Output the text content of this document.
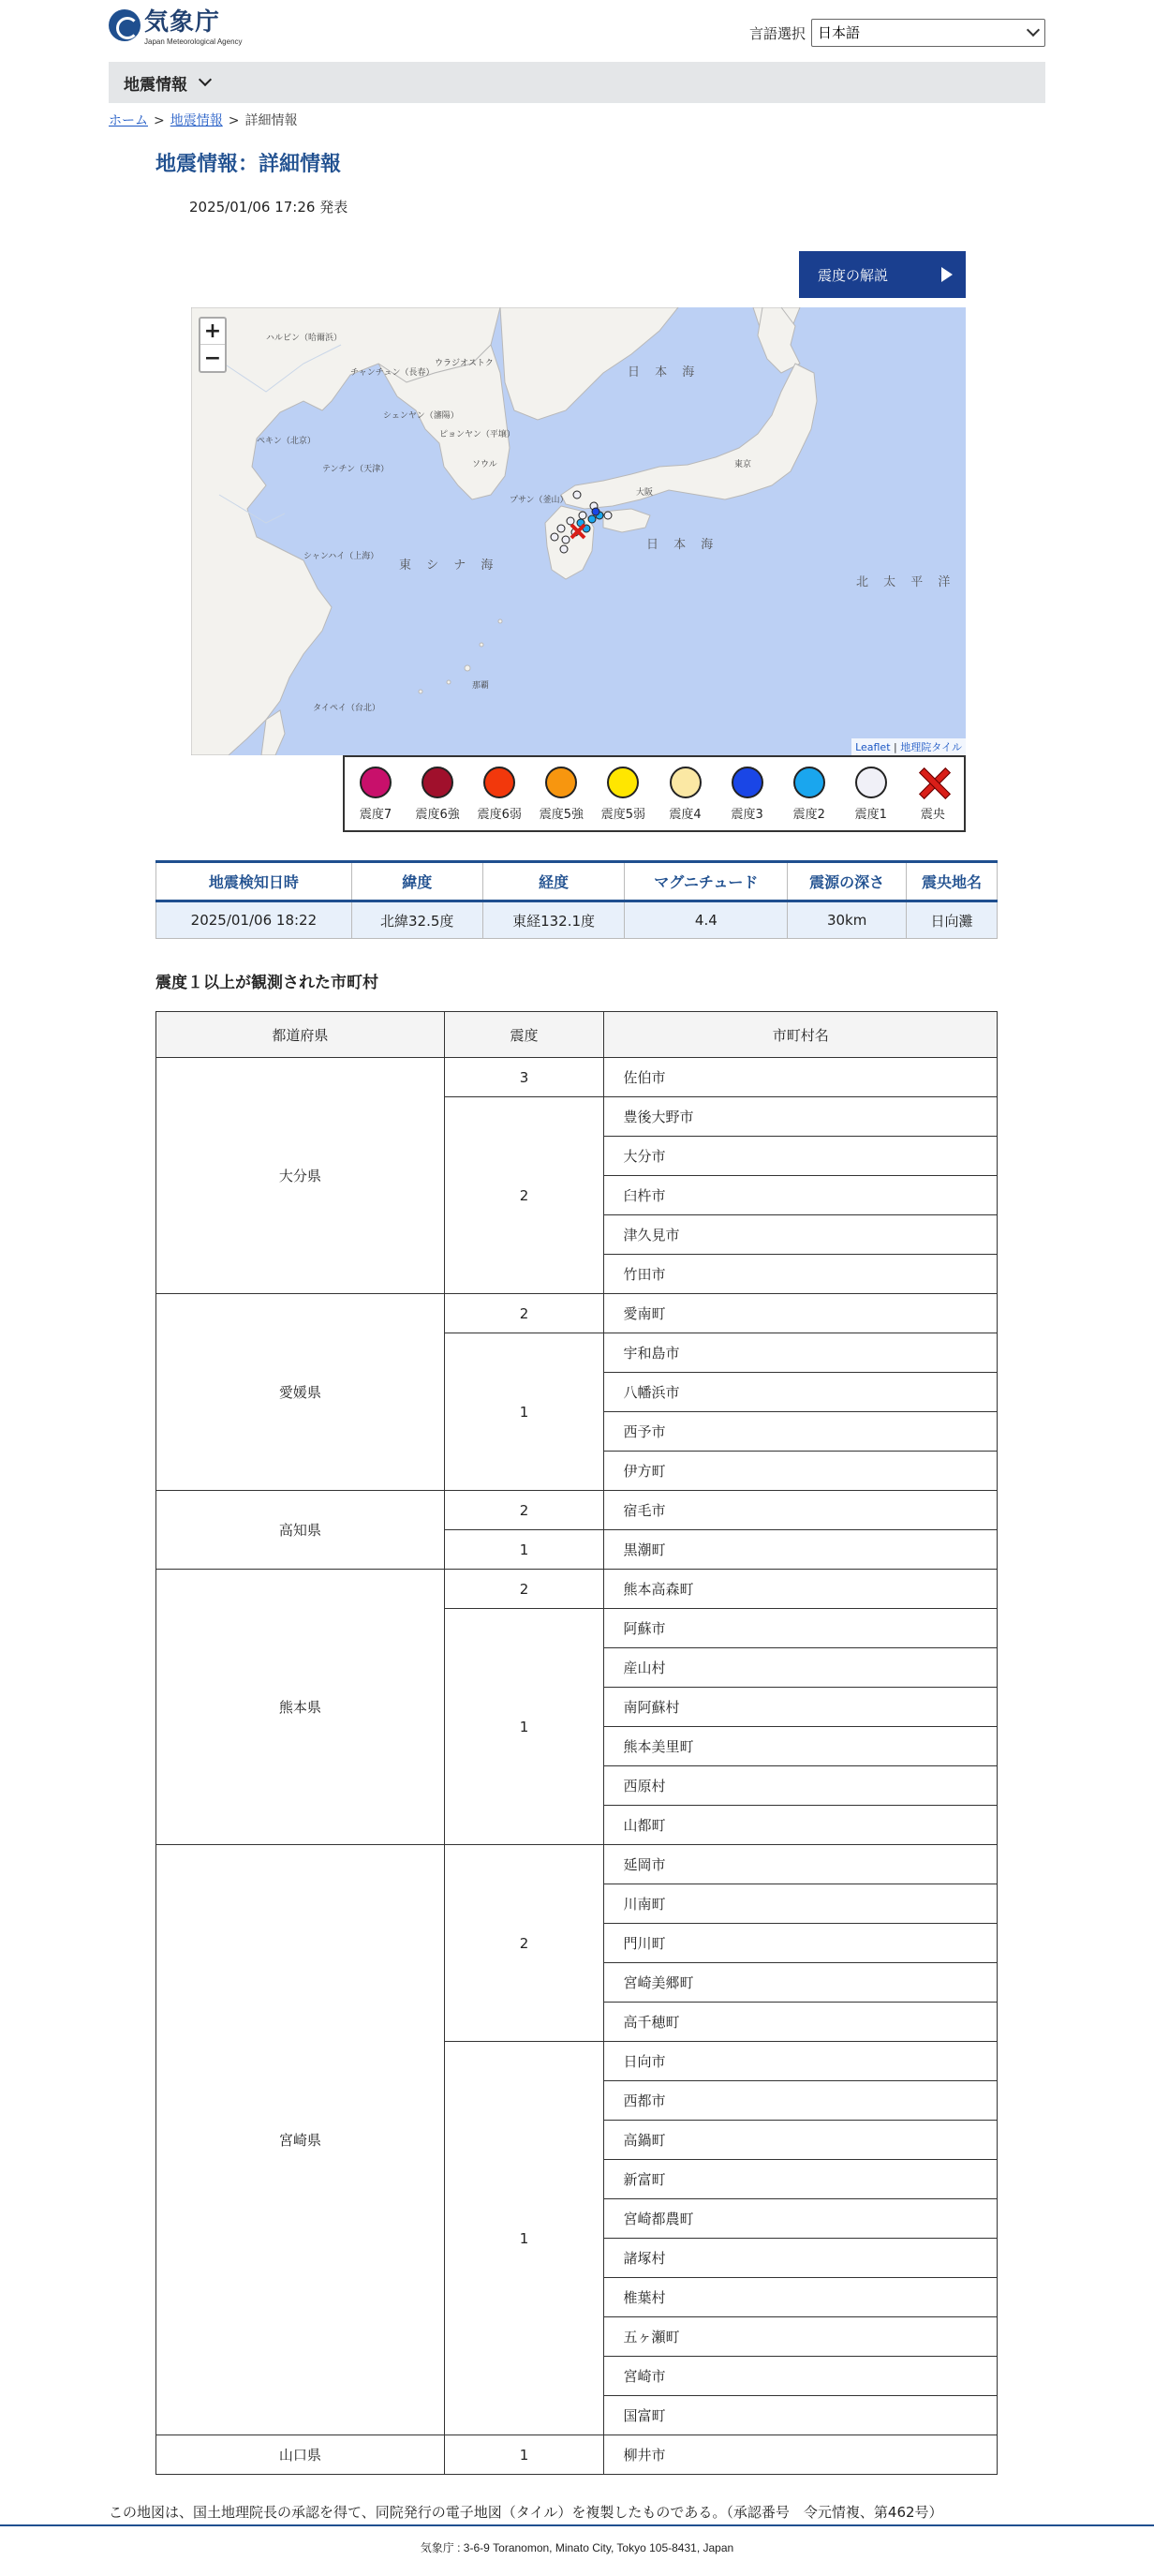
気象庁
Japan Meteorological Agency	言語選択
日本語
地震情報
ホーム > 地震情報 > 詳細情報
地震情報：詳細情報
2025/01/06 17:26 発表
震度の解説
日 本 海
日 本 海
東 シ ナ 海
北 太 平 洋
ハルビン（哈爾浜）
チャンチュン（長春）
ウラジオストク
シェンヤン（瀋陽）
ペキン（北京）
テンチン（天津）
ピョンヤン（平壌）
ソウル
プサン（釜山）
シャンハイ（上海）
タイペイ（台北）
東京
大阪
那覇
+
−
Leaflet | 地理院タイル
震度7 震度6強 震度6弱 震度5強 震度5弱 震度4 震度3 震度2 震度1	震央
地震検知日時	緯度	経度	マグニチュード	震源の深さ	震央地名
2025/01/06 18:22	北緯32.5度	東経132.1度	4.4	30km	日向灘
震度１以上が観測された市町村
都道府県	震度	市町村名
大分県	3	佐伯市
	2	豊後大野市
		大分市
		臼杵市
		津久見市
		竹田市
愛媛県	2	愛南町
	1	宇和島市
		八幡浜市
		西予市
		伊方町
高知県	2	宿毛市
	1	黒潮町
熊本県	2	熊本高森町
	1	阿蘇市
		産山村
		南阿蘇村
		熊本美里町
		西原村
		山都町
宮崎県	2	延岡市
		川南町
		門川町
		宮崎美郷町
		高千穂町
	1	日向市
		西都市
		高鍋町
		新富町
		宮崎都農町
		諸塚村
		椎葉村
		五ヶ瀬町
		宮崎市
		国富町
山口県	1	柳井市
この地図は、国土地理院長の承認を得て、同院発行の電子地図（タイル）を複製したものである。（承認番号　令元情複、第462号）
気象庁 : 3-6-9 Toranomon, Minato City, Tokyo 105-8431, Japan
